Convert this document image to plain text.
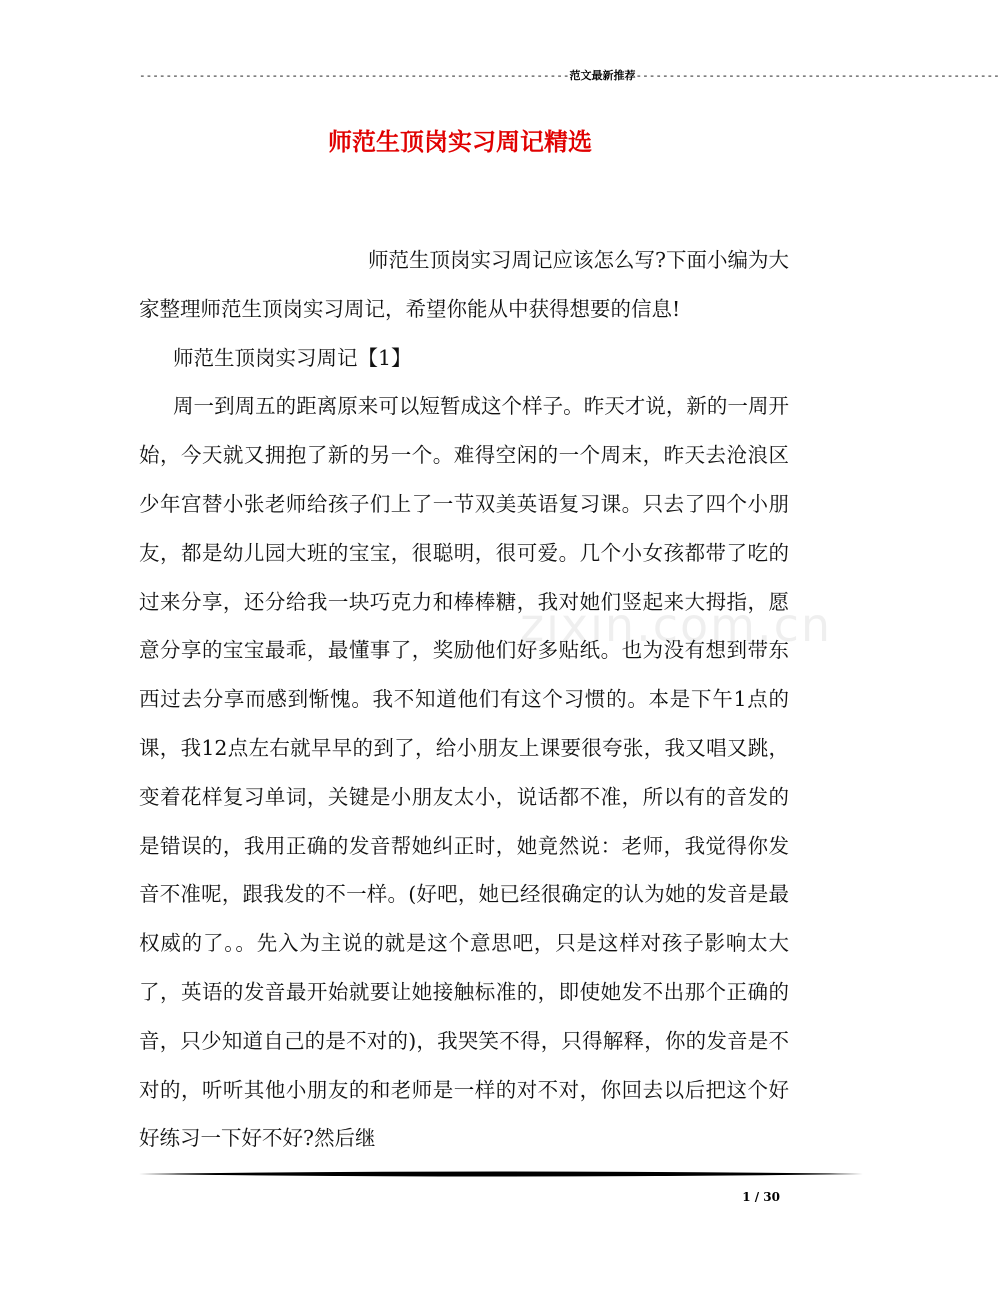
-----------------------------------------------------------------范文最新推荐-------------------------------------------------------
师范生顶岗实习周记精选
zixin.com.cn

师范生顶岗实习周记应该怎么写?下面小编为大家整理师范生顶岗实习周记，希望你能从中获得想要的信息!

师范生顶岗实习周记【1】

周一到周五的距离原来可以短暂成这个样子。昨天才说，新的一周开始，今天就又拥抱了新的另一个。难得空闲的一个周末，昨天去沧浪区少年宫替小张老师给孩子们上了一节双美英语复习课。只去了四个小朋友，都是幼儿园大班的宝宝，很聪明，很可爱。几个小女孩都带了吃的过来分享，还分给我一块巧克力和棒棒糖，我对她们竖起来大拇指，愿意分享的宝宝最乖，最懂事了，奖励他们好多贴纸。也为没有想到带东西过去分享而感到惭愧。我不知道他们有这个习惯的。本是下午1点的课，我12点左右就早早的到了，给小朋友上课要很夸张，我又唱又跳，变着花样复习单词，关键是小朋友太小，说话都不准，所以有的音发的是错误的，我用正确的发音帮她纠正时，她竟然说：老师，我觉得你发音不准呢，跟我发的不一样。(好吧，她已经很确定的认为她的发音是最权威的了。。先入为主说的就是这个意思吧，只是这样对孩子影响太大了，英语的发音最开始就要让她接触标准的，即使她发不出那个正确的音，只少知道自己的是不对的)，我哭笑不得，只得解释，你的发音是不对的，听听其他小朋友的和老师是一样的对不对，你回去以后把这个好好练习一下好不好?然后继

1 / 30
